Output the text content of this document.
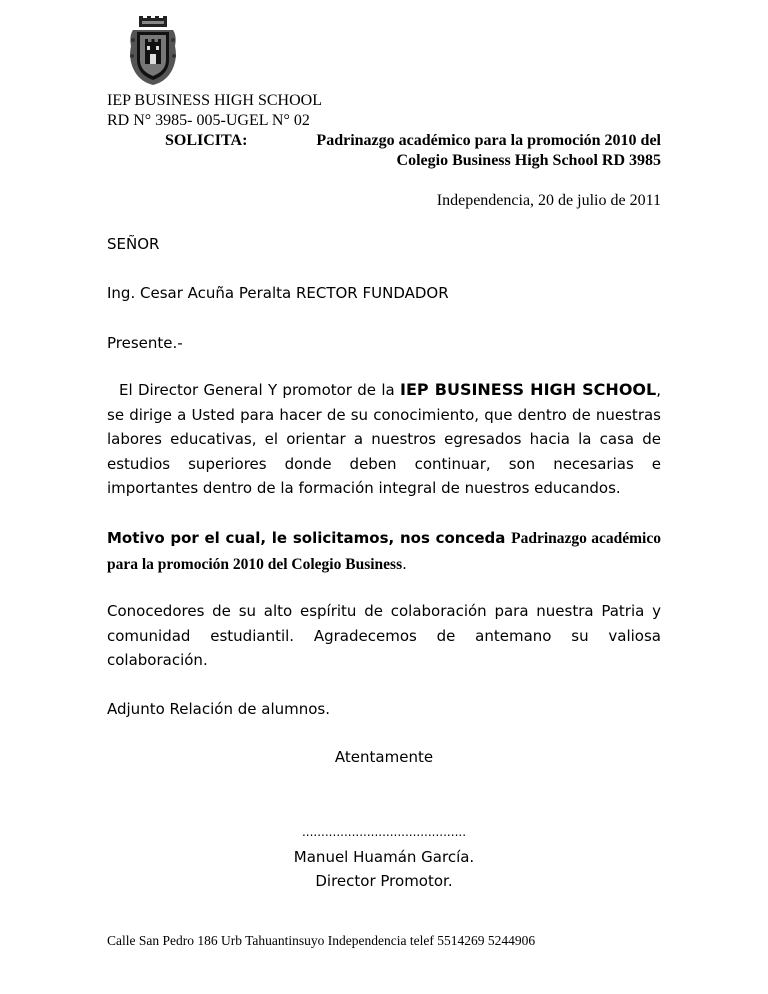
IEP BUSINESS HIGH SCHOOL
RD N° 3985- 005-UGEL N° 02
SOLICITA:	Padrinazgo académico para la promoción 2010 del
Colegio Business High School RD 3985
Independencia, 20 de julio de 2011
SEÑOR
Ing. Cesar Acuña Peralta RECTOR FUNDADOR
Presente.-
El Director General Y promotor de la IEP BUSINESS HIGH SCHOOL, se dirige a Usted para hacer de su conocimiento, que dentro de nuestras labores educativas, el orientar a nuestros egresados hacia la casa de estudios superiores donde deben continuar, son necesarias e importantes dentro de la formación integral de nuestros educandos.
Motivo por el cual, le solicitamos, nos conceda Padrinazgo académico para la promoción 2010 del Colegio Business.
Conocedores de su alto espíritu de colaboración para nuestra Patria y comunidad estudiantil. Agradecemos de antemano su valiosa colaboración.
Adjunto Relación de alumnos.
Atentamente
...........................................
Manuel Huamán García.
Director Promotor.
Calle San Pedro 186 Urb Tahuantinsuyo Independencia telef 5514269 5244906
